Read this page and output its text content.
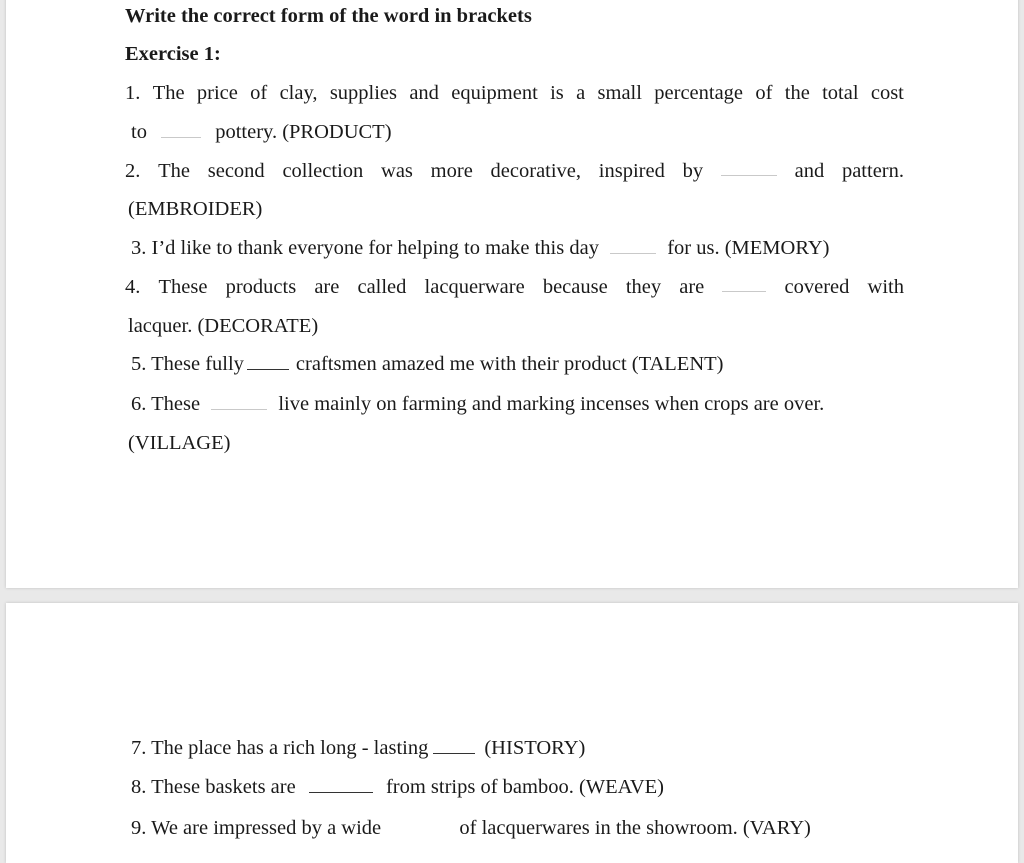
Write the correct form of the word in brackets
Exercise 1:
1. The price of clay, supplies and equipment is a small percentage of the total cost
to	pottery. (PRODUCT)
2. The second collection was more decorative, inspired by	and pattern.
(EMBROIDER)
3. I’d like to thank everyone for helping to make this day	for us. (MEMORY)
4. These products are called lacquerware because they are	covered with
lacquer. (DECORATE)
5. These fully	craftsmen amazed me with their product (TALENT)
6. These	live mainly on farming and marking incenses when crops are over.
(VILLAGE)
7. The place has a rich long - lasting	(HISTORY)
8. These baskets are	from strips of bamboo. (WEAVE)
9. We are impressed by a wide	of lacquerwares in the showroom. (VARY)
